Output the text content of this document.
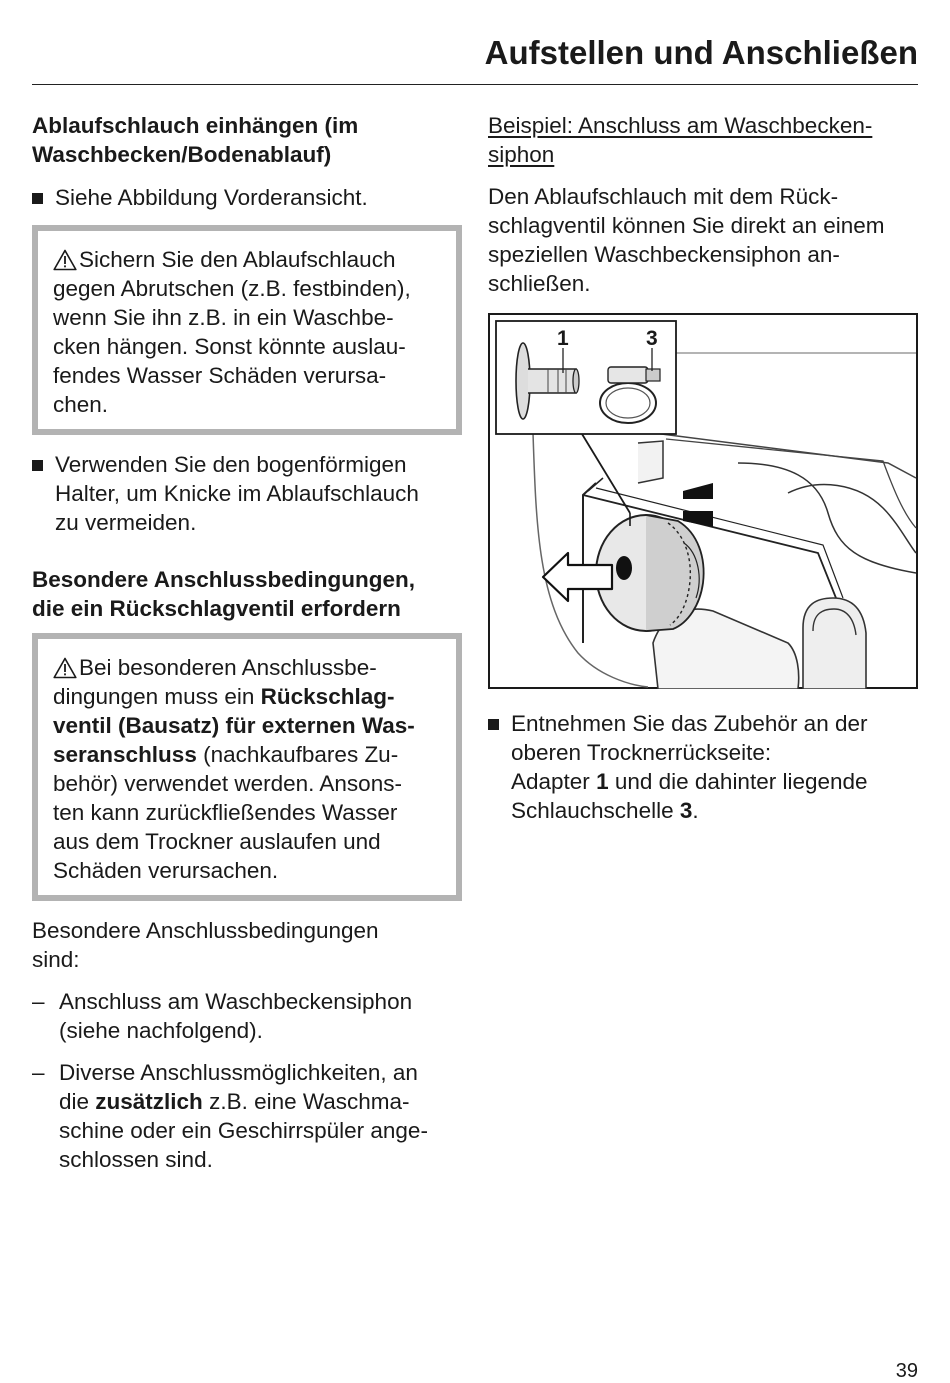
Aufstellen und Anschließen
Ablaufschlauch einhängen (im
Waschbecken/Bodenablauf)
Siehe Abbildung Vorderansicht.
Sichern Sie den Ablaufschlauch
gegen Abrutschen (z.B. festbinden),
wenn Sie ihn z.B. in ein Waschbe-
cken hängen. Sonst könnte auslau-
fendes Wasser Schäden verursa-
chen.
Verwenden Sie den bogenförmigen
Halter, um Knicke im Ablaufschlauch
zu vermeiden.
Besondere Anschlussbedingungen,
die ein Rückschlagventil erfordern
Bei besonderen Anschlussbe-
dingungen muss ein Rückschlag-
ventil (Bausatz) für externen Was-
seranschluss (nachkaufbares Zu-
behör) verwendet werden. Ansons-
ten kann zurückfließendes Wasser
aus dem Trockner auslaufen und
Schäden verursachen.
Besondere Anschlussbedingungen
sind:
– Anschluss am Waschbeckensiphon
(siehe nachfolgend).
– Diverse Anschlussmöglichkeiten, an
die zusätzlich z.B. eine Waschma-
schine oder ein Geschirrspüler ange-
schlossen sind.
Beispiel: Anschluss am Waschbecken-
siphon
Den Ablaufschlauch mit dem Rück-
schlagventil können Sie direkt an einem
speziellen Waschbeckensiphon an-
schließen.
1	3
Entnehmen Sie das Zubehör an der
oberen Trocknerrückseite:
Adapter 1 und die dahinter liegende
Schlauchschelle 3.
39
